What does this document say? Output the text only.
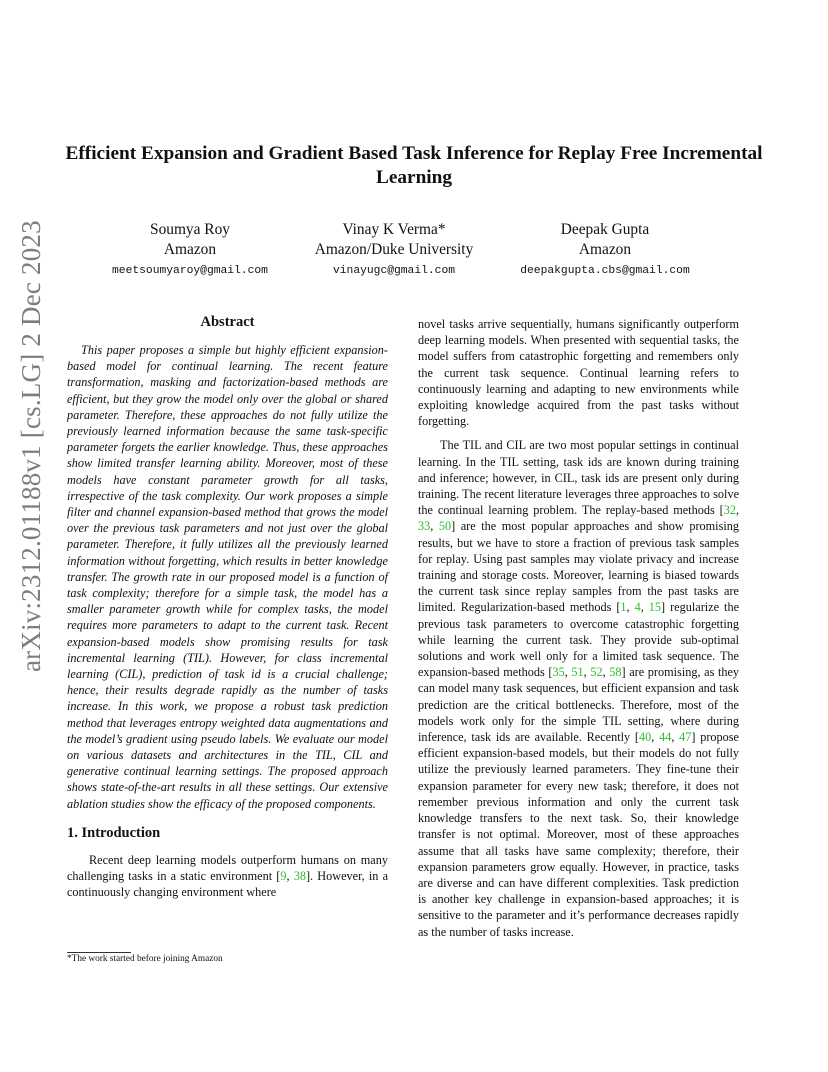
arXiv:2312.01188v1 [cs.LG] 2 Dec 2023
Efficient Expansion and Gradient Based Task Inference for Replay Free Incremental Learning
Soumya Roy
Amazon
meetsoumyaroy@gmail.com
Vinay K Verma*
Amazon/Duke University
vinayugc@gmail.com
Deepak Gupta
Amazon
deepakgupta.cbs@gmail.com
Abstract

This paper proposes a simple but highly efficient expansion-based model for continual learning. The recent feature transformation, masking and factorization-based methods are efficient, but they grow the model only over the global or shared parameter. Therefore, these approaches do not fully utilize the previously learned information because the same task-specific parameter forgets the earlier knowledge. Thus, these approaches show limited transfer learning ability. Moreover, most of these models have constant parameter growth for all tasks, irrespective of the task complexity. Our work proposes a simple filter and channel expansion-based method that grows the model over the previous task parameters and not just over the global parameter. Therefore, it fully utilizes all the previously learned information without forgetting, which results in better knowledge transfer. The growth rate in our proposed model is a function of task complexity; therefore for a simple task, the model has a smaller parameter growth while for complex tasks, the model requires more parameters to adapt to the current task. Recent expansion-based models show promising results for task incremental learning (TIL). However, for class incremental learning (CIL), prediction of task id is a crucial challenge; hence, their results degrade rapidly as the number of tasks increase. In this work, we propose a robust task prediction method that leverages entropy weighted data augmentations and the model’s gradient using pseudo labels. We evaluate our model on various datasets and architectures in the TIL, CIL and generative continual learning settings. The proposed approach shows state-of-the-art results in all these settings. Our extensive ablation studies show the efficacy of the proposed components.

1. Introduction

Recent deep learning models outperform humans on many challenging tasks in a static environment [9, 38]. However, in a continuously changing environment where

novel tasks arrive sequentially, humans significantly outperform deep learning models. When presented with sequential tasks, the model suffers from catastrophic forgetting and remembers only the current task sequence. Continual learning refers to continuously learning and adapting to new environments while exploiting knowledge acquired from the past tasks without forgetting.

The TIL and CIL are two most popular settings in continual learning. In the TIL setting, task ids are known during training and inference; however, in CIL, task ids are present only during training. The recent literature leverages three approaches to solve the continual learning problem. The replay-based methods [32, 33, 50] are the most popular approaches and show promising results, but we have to store a fraction of previous task samples for replay. Using past samples may violate privacy and increase training and storage costs. Moreover, learning is biased towards the current task since replay samples from the past tasks are limited. Regularization-based methods [1, 4, 15] regularize the previous task parameters to overcome catastrophic forgetting while learning the current task. They provide sub-optimal solutions and work well only for a limited task sequence. The expansion-based methods [35, 51, 52, 58] are promising, as they can model many task sequences, but efficient expansion and task prediction are the critical bottlenecks. Therefore, most of the models work only for the simple TIL setting, where during inference, task ids are available. Recently [40, 44, 47] propose efficient expansion-based models, but their models do not fully utilize the previously learned parameters. They fine-tune their expansion parameter for every new task; therefore, it does not remember previous information and only the current task knowledge transfers to the next task. So, their knowledge transfer is not optimal. Moreover, most of these approaches assume that all tasks have same complexity; therefore, their expansion parameters grow equally. However, in practice, tasks are diverse and can have different complexities. Task prediction is another key challenge in expansion-based approaches; it is sensitive to the parameter and it’s performance decreases rapidly as the number of tasks increase.

*The work started before joining Amazon
